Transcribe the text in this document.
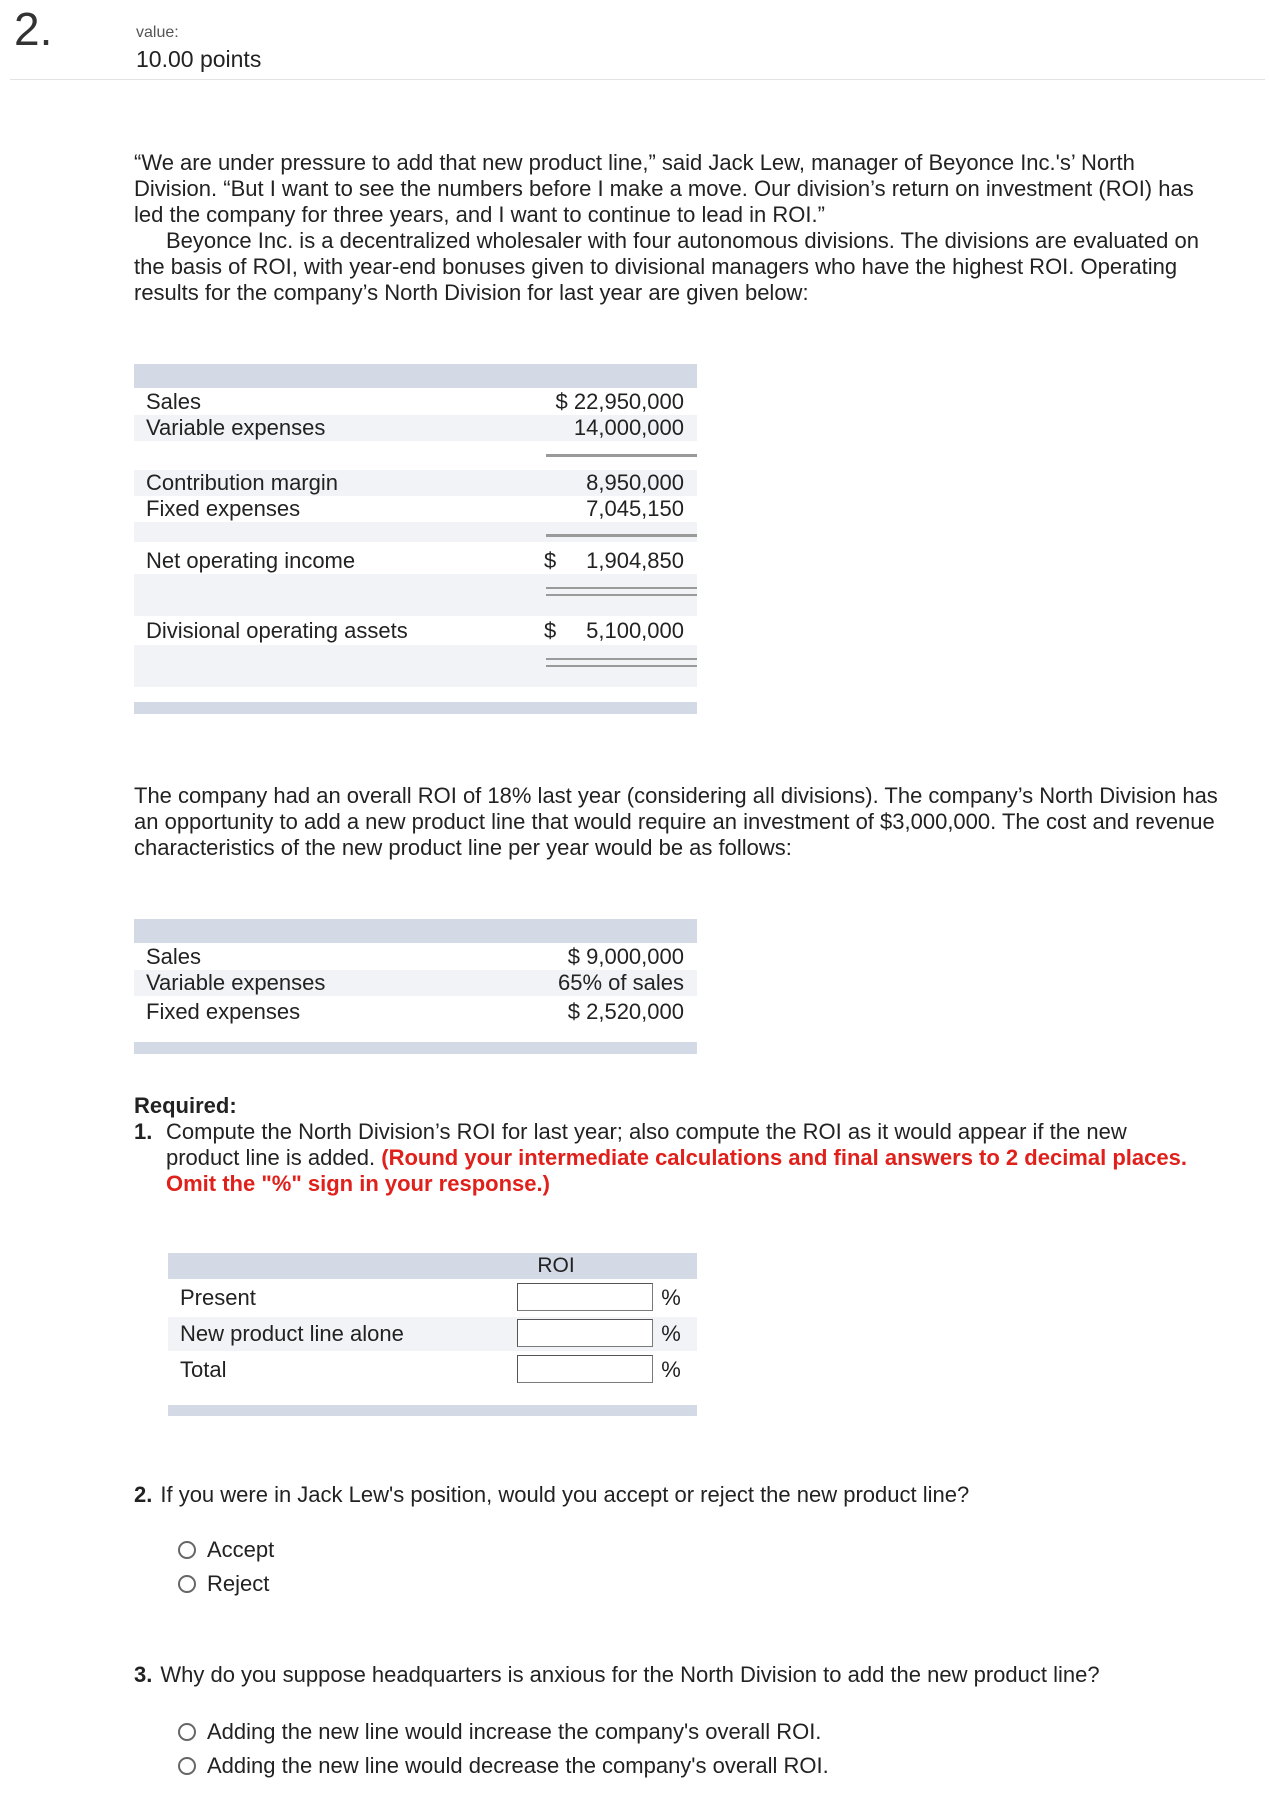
2.	value:
10.00 points

“We are under pressure to add that new product line,” said Jack Lew, manager of Beyonce Inc.'s’ North Division. “But I want to see the numbers before I make a move. Our division’s return on investment (ROI) has led the company for three years, and I want to continue to lead in ROI.”

Beyonce Inc. is a decentralized wholesaler with four autonomous divisions. The divisions are evaluated on the basis of ROI, with year-end bonuses given to divisional managers who have the highest ROI. Operating results for the company’s North Division for last year are given below:

Sales	$ 22,950,000
Variable expenses	14,000,000
Contribution margin	8,950,000
Fixed expenses	7,045,150
Net operating income	$ 1,904,850
Divisional operating assets	$ 5,100,000

The company had an overall ROI of 18% last year (considering all divisions). The company’s North Division has an opportunity to add a new product line that would require an investment of $3,000,000. The cost and revenue characteristics of the new product line per year would be as follows:

Sales	$ 9,000,000
Variable expenses	65% of sales
Fixed expenses	$ 2,520,000
Required:
1. Compute the North Division’s ROI for last year; also compute the ROI as it would appear if the new product line is added. (Round your intermediate calculations and final answers to 2 decimal places. Omit the "%" sign in your response.)
ROI
Present	%
New product line alone	%
Total	%
2. If you were in Jack Lew's position, would you accept or reject the new product line?
Accept
Reject
3. Why do you suppose headquarters is anxious for the North Division to add the new product line?
Adding the new line would increase the company's overall ROI.
Adding the new line would decrease the company's overall ROI.
